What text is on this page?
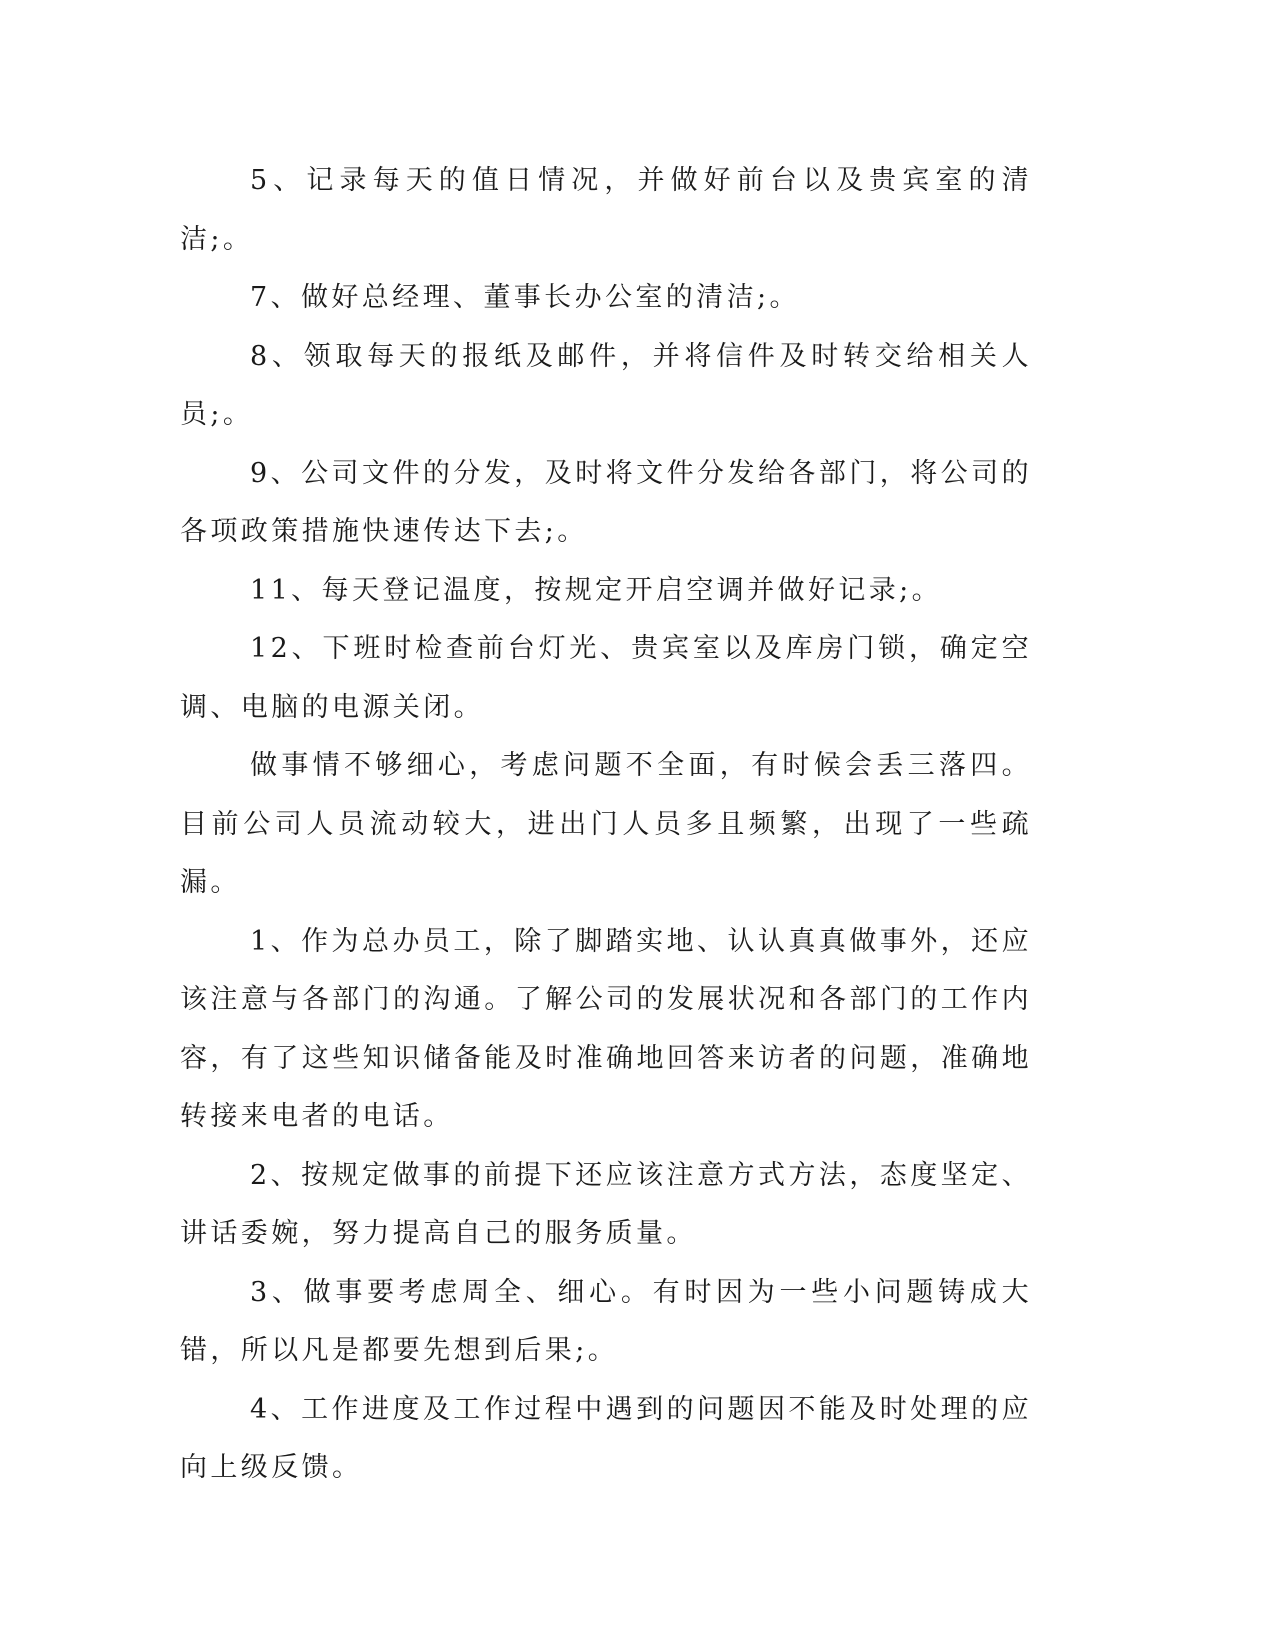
5、记录每天的值日情况，并做好前台以及贵宾室的清洁;。

7、做好总经理、董事长办公室的清洁;。

8、领取每天的报纸及邮件，并将信件及时转交给相关人员;。

9、公司文件的分发，及时将文件分发给各部门，将公司的各项政策措施快速传达下去;。

11、每天登记温度，按规定开启空调并做好记录;。

12、下班时检查前台灯光、贵宾室以及库房门锁，确定空调、电脑的电源关闭。

做事情不够细心，考虑问题不全面，有时候会丢三落四。目前公司人员流动较大，进出门人员多且频繁，出现了一些疏漏。

1、作为总办员工，除了脚踏实地、认认真真做事外，还应该注意与各部门的沟通。了解公司的发展状况和各部门的工作内容，有了这些知识储备能及时准确地回答来访者的问题，准确地转接来电者的电话。

2、按规定做事的前提下还应该注意方式方法，态度坚定、讲话委婉，努力提高自己的服务质量。

3、做事要考虑周全、细心。有时因为一些小问题铸成大错，所以凡是都要先想到后果;。

4、工作进度及工作过程中遇到的问题因不能及时处理的应向上级反馈。
